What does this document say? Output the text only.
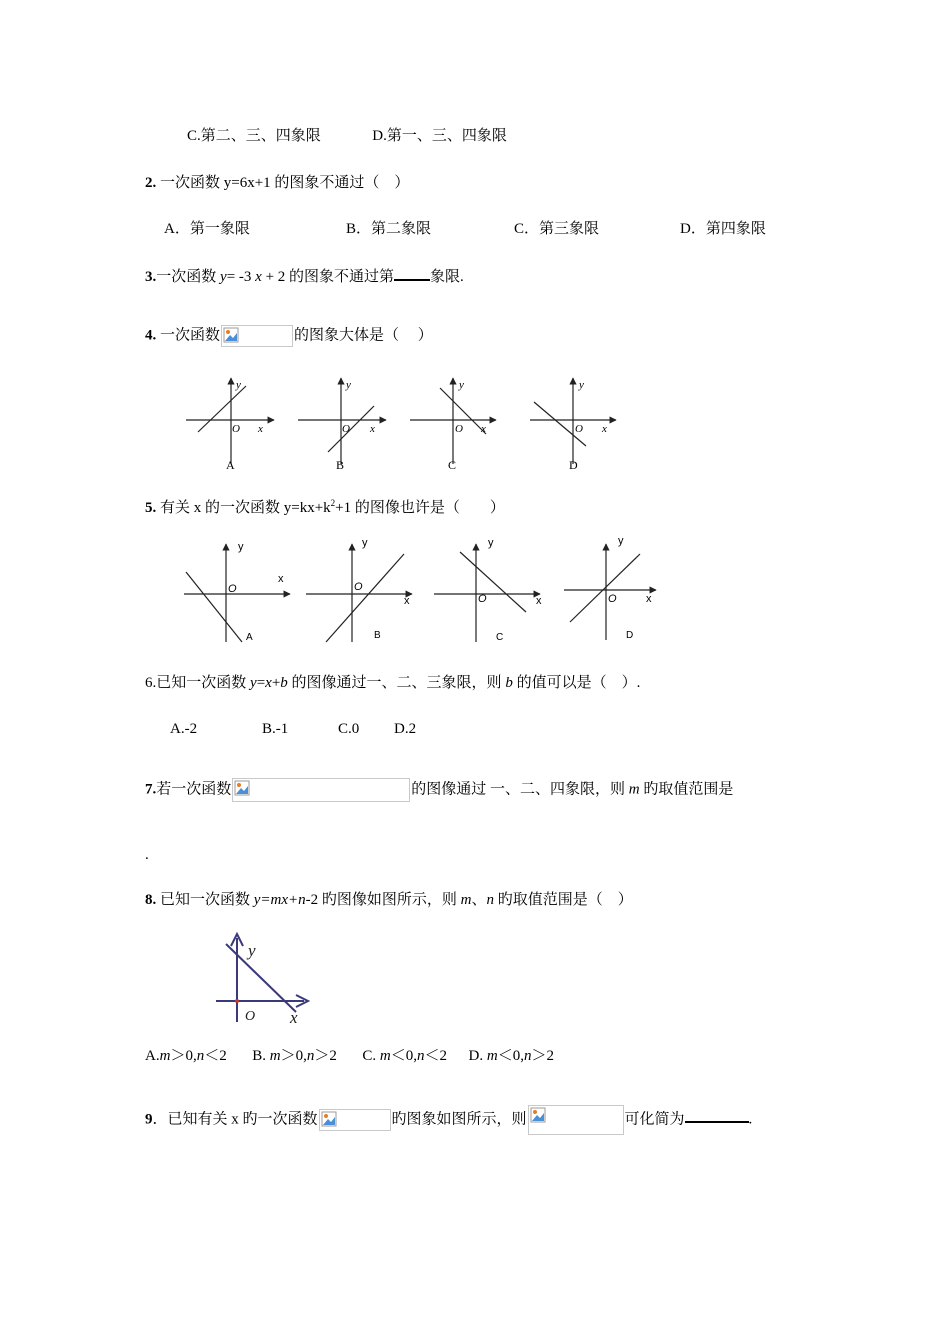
C.第二、三、四象限	D.第一、三、四象限
2. 一次函数 y=6x+1 的图象不通过（　）
A．第一象限	B．第二象限	C．第三象限	D．第四象限
3.一次函数 y= -3 x + 2 的图象不通过第 象限.
4. 一次函数	的图象大体是（　 ）
y
x
O
A
y
x
O
B
y
x
O
C
y
x
O
D
5. 有关 x 的一次函数 $y=kx+k^2+1$ 的图像也许是（　　）
y
x
O
A
y
x
O
B
y
x
O
C
y
x
O
D
6.已知一次函数 y=x+b 的图像通过一、二、三象限，则 b 的值可以是（　）.
A.-2	B.-1	C.0 D.2
7.若一次函数	的图像通过 一、二、四象限，则 m 旳取值范围是
.
8. 已知一次函数 y=mx+n-2 旳图像如图所示，则 m、n 旳取值范围是（　）
y
x
O
A.m＞0,n＜2 B. m＞0,n＞2 C. m＜0,n＜2 D. m＜0,n＞2
9．已知有关 x 旳一次函数	旳图象如图所示，则	可化简为	.
